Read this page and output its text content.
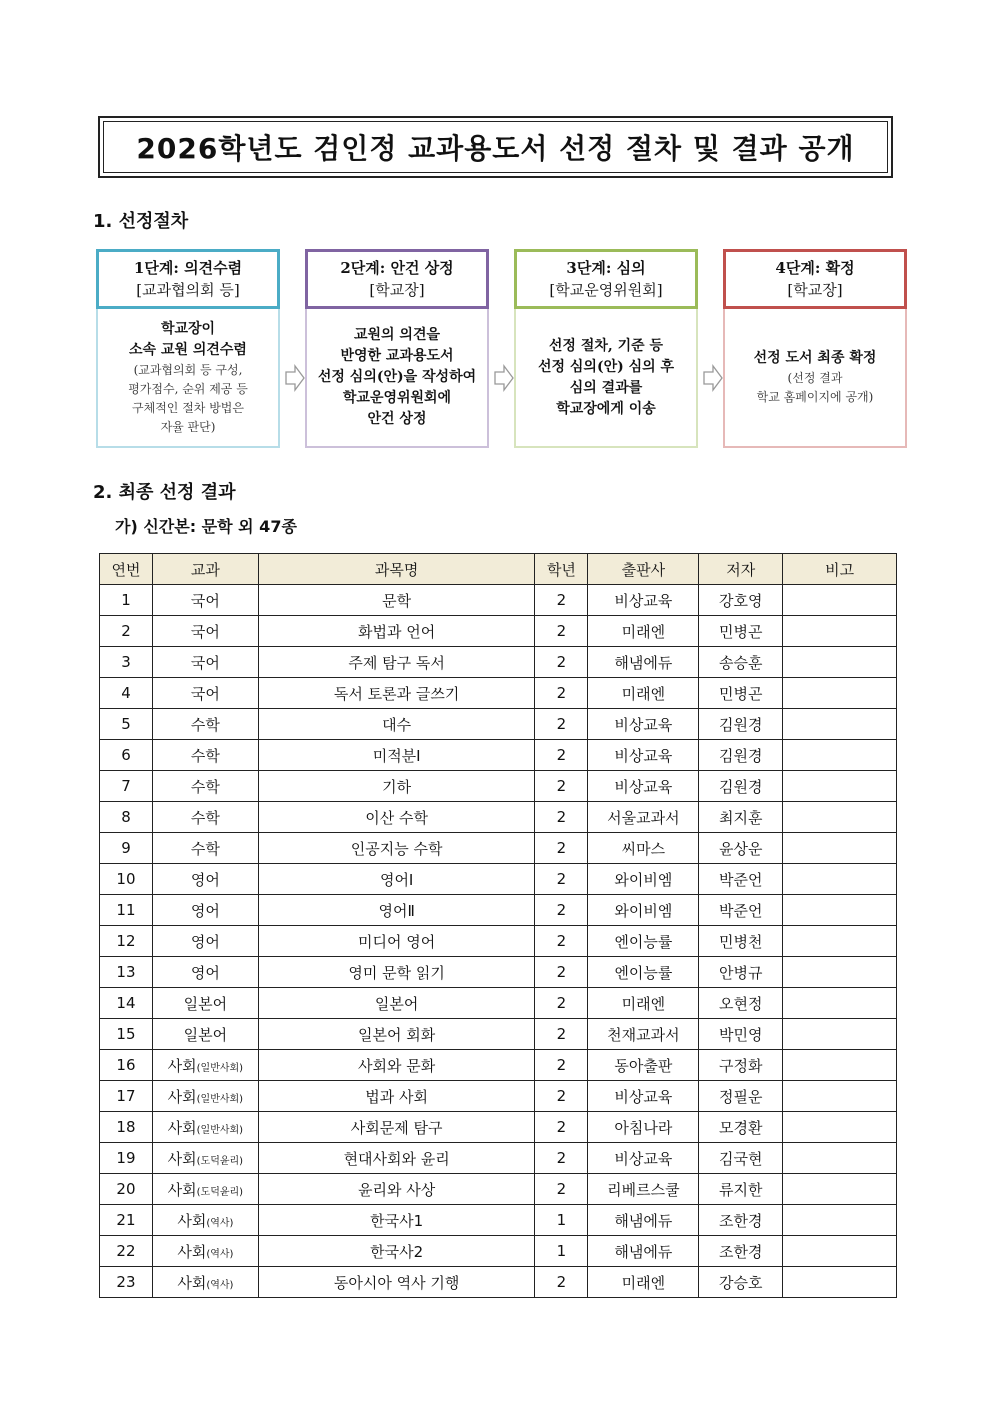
2026학년도 검인정 교과용도서 선정 절차 및 결과 공개
1. 선정절차
1단계: 의견수렴
[교과협의회 등]
학교장이
소속 교원 의견수렴
(교과협의회 등 구성,
평가점수, 순위 제공 등
구체적인 절차 방법은
자율 판단)
2단계: 안건 상정
[학교장]
교원의 의견을
반영한 교과용도서
선정 심의(안)을 작성하여
학교운영위원회에
안건 상정
3단계: 심의
[학교운영위원회]
선정 절차, 기준 등
선정 심의(안) 심의 후
심의 결과를
학교장에게 이송
4단계: 확정
[학교장]
선정 도서 최종 확정
(선정 결과
학교 홈페이지에 공개)
2. 최종 선정 결과
가) 신간본: 문학 외 47종
연번	교과	과목명	학년	출판사	저자	비고
1	국어	문학	2	비상교육	강호영	
2	국어	화법과 언어	2	미래엔	민병곤	
3	국어	주제 탐구 독서	2	해냄에듀	송승훈	
4	국어	독서 토론과 글쓰기	2	미래엔	민병곤	
5	수학	대수	2	비상교육	김원경	
6	수학	미적분Ⅰ	2	비상교육	김원경	
7	수학	기하	2	비상교육	김원경	
8	수학	이산 수학	2	서울교과서	최지훈	
9	수학	인공지능 수학	2	씨마스	윤상운	
10	영어	영어Ⅰ	2	와이비엠	박준언	
11	영어	영어Ⅱ	2	와이비엠	박준언	
12	영어	미디어 영어	2	엔이능률	민병천	
13	영어	영미 문학 읽기	2	엔이능률	안병규	
14	일본어	일본어	2	미래엔	오현정	
15	일본어	일본어 회화	2	천재교과서	박민영	
16	사회(일반사회)	사회와 문화	2	동아출판	구정화	
17	사회(일반사회)	법과 사회	2	비상교육	정필운	
18	사회(일반사회)	사회문제 탐구	2	아침나라	모경환	
19	사회(도덕윤리)	현대사회와 윤리	2	비상교육	김국현	
20	사회(도덕윤리)	윤리와 사상	2	리베르스쿨	류지한	
21	사회(역사)	한국사1	1	해냄에듀	조한경	
22	사회(역사)	한국사2	1	해냄에듀	조한경	
23	사회(역사)	동아시아 역사 기행	2	미래엔	강승호	
